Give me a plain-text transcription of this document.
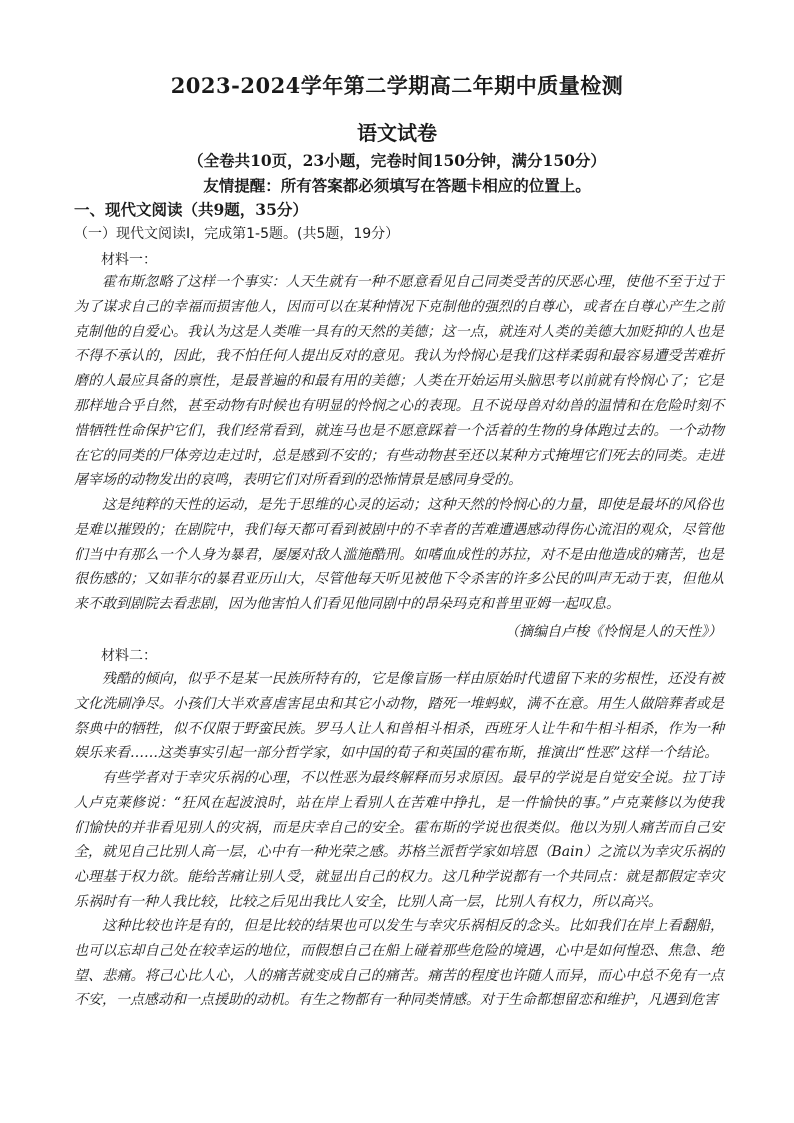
2023-2024学年第二学期高二年期中质量检测
语文试卷
（全卷共10页，23小题，完卷时间150分钟，满分150分）
友情提醒：所有答案都必须填写在答题卡相应的位置上。
一、现代文阅读（共9题，35分）
（一）现代文阅读Ⅰ，完成第1-5题。(共5题，19分）
材料一：

霍布斯忽略了这样一个事实：人天生就有一种不愿意看见自己同类受苦的厌恶心理，使他不至于过于为了谋求自己的幸福而损害他人，因而可以在某种情况下克制他的强烈的自尊心，或者在自尊心产生之前克制他的自爱心。我认为这是人类唯一具有的天然的美德；这一点，就连对人类的美德大加贬抑的人也是不得不承认的，因此，我不怕任何人提出反对的意见。我认为怜悯心是我们这样柔弱和最容易遭受苦难折磨的人最应具备的禀性，是最普遍的和最有用的美德；人类在开始运用头脑思考以前就有怜悯心了；它是那样地合乎自然，甚至动物有时候也有明显的怜悯之心的表现。且不说母兽对幼兽的温情和在危险时刻不惜牺牲性命保护它们，我们经常看到，就连马也是不愿意踩着一个活着的生物的身体跑过去的。一个动物在它的同类的尸体旁边走过时，总是感到不安的；有些动物甚至还以某种方式掩埋它们死去的同类。走进屠宰场的动物发出的哀鸣，表明它们对所看到的恐怖情景是感同身受的。

这是纯粹的天性的运动，是先于思维的心灵的运动；这种天然的怜悯心的力量，即使是最坏的风俗也是难以摧毁的；在剧院中，我们每天都可看到被剧中的不幸者的苦难遭遇感动得伤心流泪的观众，尽管他们当中有那么一个人身为暴君，屡屡对敌人滥施酷刑。如嗜血成性的苏拉，对不是由他造成的痛苦，也是很伤感的；又如菲尔的暴君亚历山大，尽管他每天听见被他下令杀害的许多公民的叫声无动于衷，但他从来不敢到剧院去看悲剧，因为他害怕人们看见他同剧中的昂朵玛克和普里亚姆一起叹息。

（摘编自卢梭《怜悯是人的天性》）
材料二：

残酷的倾向，似乎不是某一民族所特有的，它是像盲肠一样由原始时代遗留下来的劣根性，还没有被文化洗刷净尽。小孩们大半欢喜虐害昆虫和其它小动物，踏死一堆蚂蚁，满不在意。用生人做陪葬者或是祭典中的牺牲，似不仅限于野蛮民族。罗马人让人和兽相斗相杀，西班牙人让牛和牛相斗相杀，作为一种娱乐来看……这类事实引起一部分哲学家，如中国的荀子和英国的霍布斯，推演出“性恶”这样一个结论。

有些学者对于幸灾乐祸的心理，不以性恶为最终解释而另求原因。最早的学说是自觉安全说。拉丁诗人卢克莱修说：“狂风在起波浪时，站在岸上看别人在苦难中挣扎，是一件愉快的事。”卢克莱修以为使我们愉快的并非看见别人的灾祸，而是庆幸自己的安全。霍布斯的学说也很类似。他以为别人痛苦而自己安全，就见自己比别人高一层，心中有一种光荣之感。苏格兰派哲学家如培恩（Bain）之流以为幸灾乐祸的心理基于权力欲。能给苦痛让别人受，就显出自己的权力。这几种学说都有一个共同点：就是都假定幸灾乐祸时有一种人我比较，比较之后见出我比人安全，比别人高一层，比别人有权力，所以高兴。

这种比较也许是有的，但是比较的结果也可以发生与幸灾乐祸相反的念头。比如我们在岸上看翻船，也可以忘却自己处在较幸运的地位，而假想自己在船上碰着那些危险的境遇，心中是如何惶恐、焦急、绝望、悲痛。将己心比人心，人的痛苦就变成自己的痛苦。痛苦的程度也许随人而异，而心中总不免有一点不安，一点感动和一点援助的动机。有生之物都有一种同类情感。对于生命都想留恋和维护，凡遇到危害
